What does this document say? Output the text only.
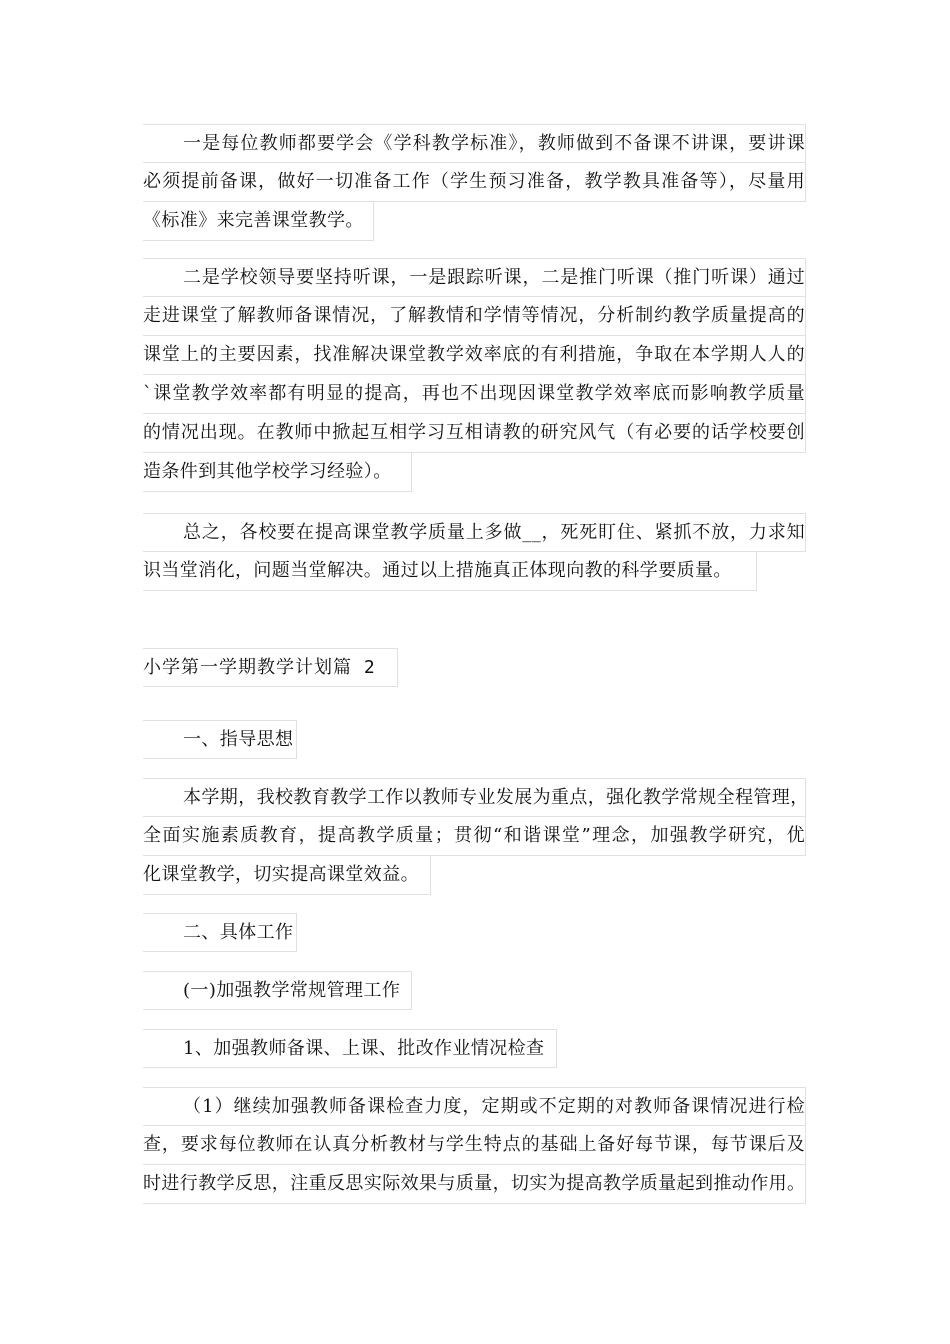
一是每位教师都要学会《学科教学标准》，教师做到不备课不讲课，要讲课
必须提前备课，做好一切准备工作（学生预习准备，教学教具准备等），尽量用
《标准》来完善课堂教学。
二是学校领导要坚持听课，一是跟踪听课，二是推门听课（推门听课）通过
走进课堂了解教师备课情况，了解教情和学情等情况，分析制约教学质量提高的
课堂上的主要因素，找准解决课堂教学效率底的有利措施，争取在本学期人人的
`课堂教学效率都有明显的提高，再也不出现因课堂教学效率底而影响教学质量
的情况出现。在教师中掀起互相学习互相请教的研究风气（有必要的话学校要创
造条件到其他学校学习经验）。
总之，各校要在提高课堂教学质量上多做__，死死盯住、紧抓不放，力求知
识当堂消化，问题当堂解决。通过以上措施真正体现向教的科学要质量。
小学第一学期教学计划篇 2
一、指导思想
本学期，我校教育教学工作以教师专业发展为重点，强化教学常规全程管理，
全面实施素质教育，提高教学质量；贯彻“和谐课堂”理念，加强教学研究，优
化课堂教学，切实提高课堂效益。
二、具体工作
(一)加强教学常规管理工作
1、加强教师备课、上课、批改作业情况检查
（1）继续加强教师备课检查力度，定期或不定期的对教师备课情况进行检
查，要求每位教师在认真分析教材与学生特点的基础上备好每节课，每节课后及
时进行教学反思，注重反思实际效果与质量，切实为提高教学质量起到推动作用。
